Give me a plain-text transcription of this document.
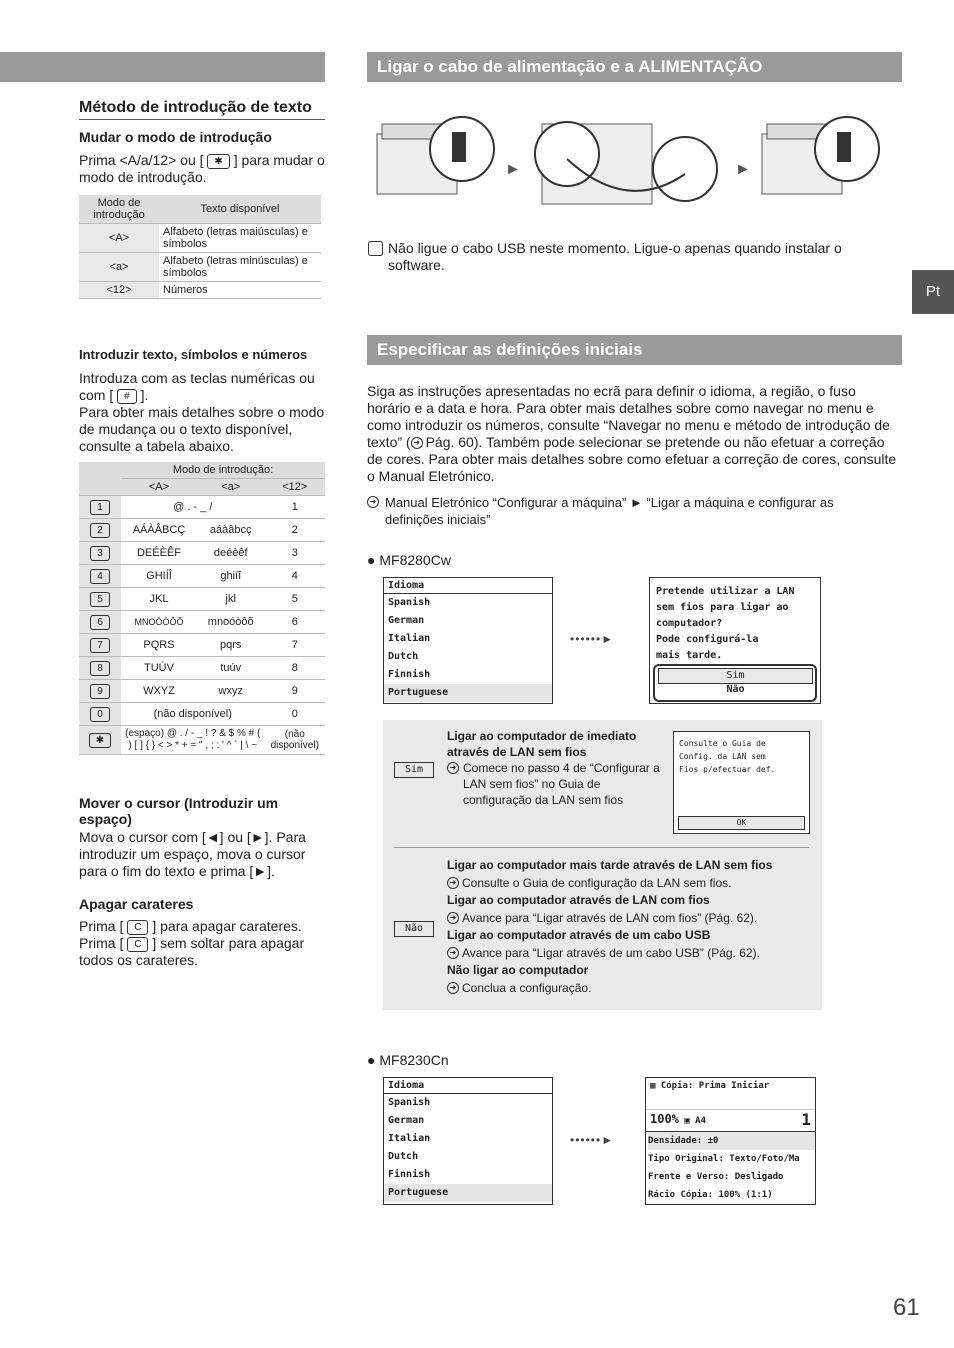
Método de introdução de texto
Mudar o modo de introdução
Prima <A/a/12> ou [ ✱ ] para mudar o modo de introdução.
Modo de introdução	Texto disponível
<A>	Alfabeto (letras maiúsculas) e símbolos
<a>	Alfabeto (letras minúsculas) e símbolos
<12>	Números
Introduzir texto, símbolos e números
Introduza com as teclas numéricas ou com [ # ].
Para obter mais detalhes sobre o modo de mudança ou o texto disponível, consulte a tabela abaixo.
	Modo de introdução:		
	<A>	<a>	<12>
1	@ . - _ /		1
2	AÁÀÂBCÇ	aáàâbcç	2
3	DEÉÈÊF	deéèêf	3
4	GHIÍÎ	ghiíî	4
5	JKL	jkl	5
6	MNOÓÒÔÕ	mnoóòôõ	6
7	PQRS	pqrs	7
8	TUÚV	tuúv	8
9	WXYZ	wxyz	9
0	(não disponível)		0
✱	(espaço) @ . / - _ ! ? & $ % # ( ) [ ] { } < > * + = " , ; : ' ^ ` | \ ~		(não disponível)
Mover o cursor (Introduzir um espaço)
Mova o cursor com [◄] ou [►]. Para introduzir um espaço, mova o cursor para o fim do texto e prima [►].
Apagar carateres
Prima [ C ] para apagar carateres.
Prima [ C ] sem soltar para apagar todos os carateres.
Ligar o cabo de alimentação e a ALIMENTAÇÃO
►	►
Não ligue o cabo USB neste momento. Ligue-o apenas quando instalar o software.
Especificar as definições iniciais
Siga as instruções apresentadas no ecrã para definir o idioma, a região, o fuso horário e a data e hora. Para obter mais detalhes sobre como navegar no menu e como introduzir os números, consulte “Navegar no menu e método de introdução de texto” ( ➜ Pág. 60). Também pode selecionar se pretende ou não efetuar a correção de cores. Para obter mais detalhes sobre como efetuar a correção de cores, consulte o Manual Eletrónico.
➜ Manual Eletrónico “Configurar a máquina” ► “Ligar a máquina e configurar as definições iniciais”
● MF8280Cw
Idioma
Spanish
German
Italian
Dutch
Finnish
Portuguese
••••••►
Pretende utilizar a LAN
sem fios para ligar ao
computador?
Pode configurá-la
mais tarde.
Sim
Não
Sim
Ligar ao computador de imediato através de LAN sem fios
➜ Comece no passo 4 de “Configurar a LAN sem fios” no Guia de configuração da LAN sem fios
Consulte o Guia de
Config. da LAN sem
Fios p/efectuar def.
OK
Não
Ligar ao computador mais tarde através de LAN sem fios
➜ Consulte o Guia de configuração da LAN sem fios.
Ligar ao computador através de LAN com fios
➜ Avance para “Ligar através de LAN com fios” (Pág. 62).
Ligar ao computador através de um cabo USB
➜ Avance para “Ligar através de um cabo USB” (Pág. 62).
Não ligar ao computador
➜ Conclua a configuração.
● MF8230Cn
Idioma
Spanish
German
Italian
Dutch
Finnish
Portuguese
••••••►
▦ Cópia: Prima Iniciar
100% ▣ A4	1
Densidade: ±0
Tipo Original: Texto/Foto/Ma
Frente e Verso: Desligado
Rácio Cópia: 100% (1:1)
Pt
61
